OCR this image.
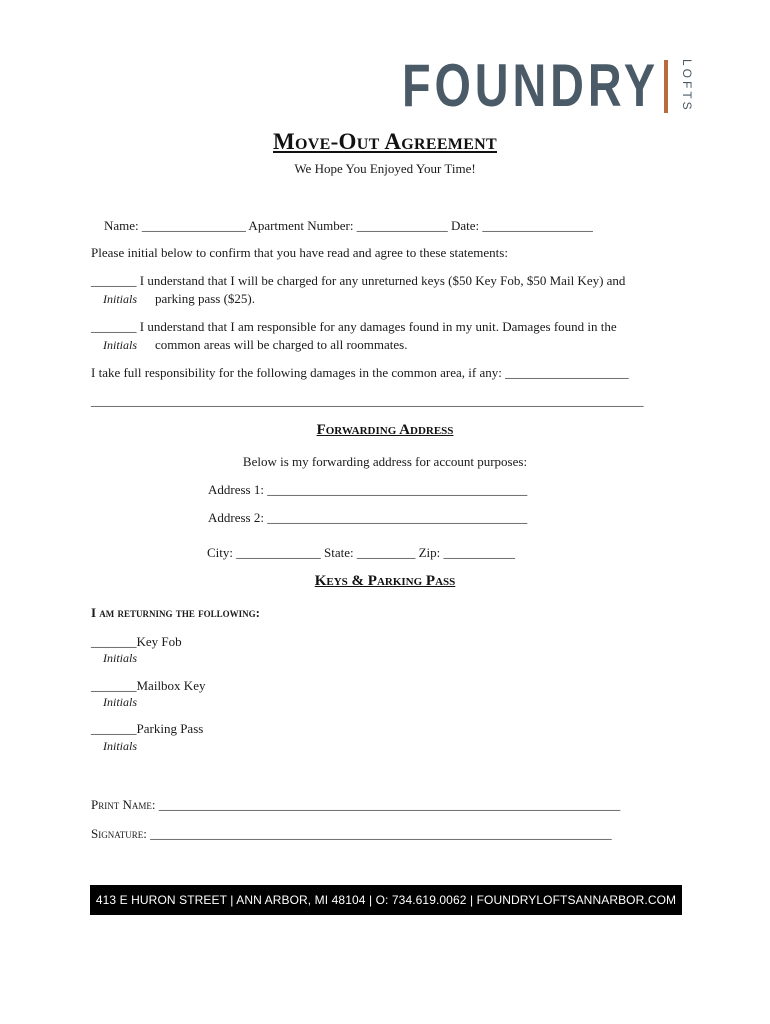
FOUNDRY LOFTS
Move-Out Agreement
We Hope You Enjoyed Your Time!
Name: ________________ Apartment Number: ______________ Date: _________________
Please initial below to confirm that you have read and agree to these statements:
_______ I understand that I will be charged for any unreturned keys ($50 Key Fob, $50 Mail Key) and
Initials parking pass ($25).
_______ I understand that I am responsible for any damages found in my unit. Damages found in the
Initials common areas will be charged to all roommates.
I take full responsibility for the following damages in the common area, if any: ___________________
_____________________________________________________________________________________
Forwarding Address
Below is my forwarding address for account purposes:
Address 1: ________________________________________
Address 2: ________________________________________
City: _____________ State: _________ Zip: ___________
Keys & Parking Pass
I am returning the following:
_______Key Fob
Initials
_______Mailbox Key
Initials
_______Parking Pass
Initials
Print Name: _______________________________________________________________________
Signature: _______________________________________________________________________
413 E HURON STREET | ANN ARBOR, MI 48104 | O: 734.619.0062 | FOUNDRYLOFTSANNARBOR.COM
